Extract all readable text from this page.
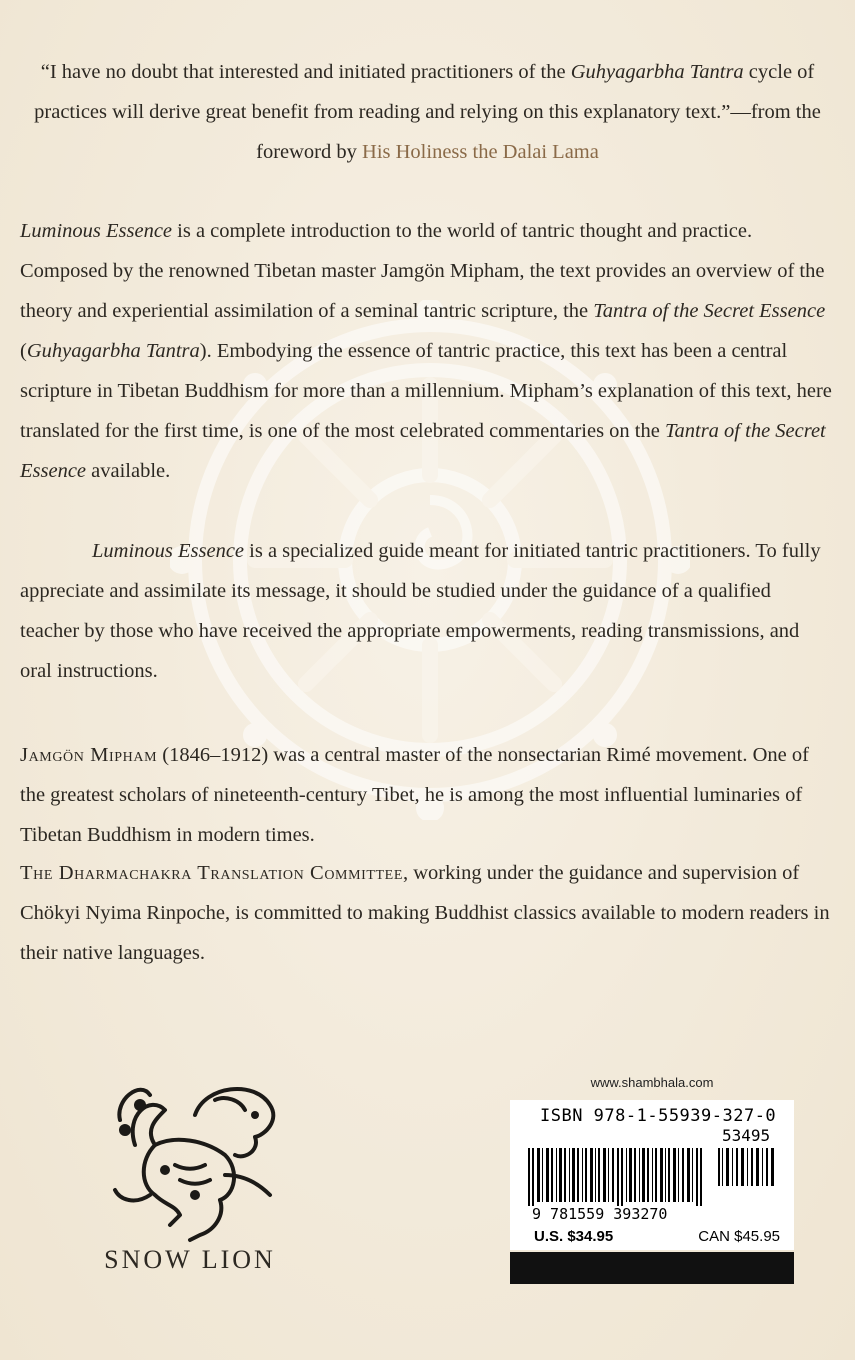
“I have no doubt that interested and initiated practitioners of the Guhyagarbha Tantra cycle of practices will derive great benefit from reading and relying on this explanatory text.”—from the foreword by His Holiness the Dalai Lama
Luminous Essence is a complete introduction to the world of tantric thought and practice. Composed by the renowned Tibetan master Jamgön Mipham, the text provides an overview of the theory and experiential assimilation of a seminal tantric scripture, the Tantra of the Secret Essence (Guhyagarbha Tantra). Embodying the essence of tantric practice, this text has been a central scripture in Tibetan Buddhism for more than a millennium. Mipham’s explanation of this text, here translated for the first time, is one of the most celebrated commentaries on the Tantra of the Secret Essence available.
Luminous Essence is a specialized guide meant for initiated tantric practitioners. To fully appreciate and assimilate its message, it should be studied under the guidance of a qualified teacher by those who have received the appropriate empowerments, reading transmissions, and oral instructions.
Jamgön Mipham (1846–1912) was a central master of the nonsectarian Rimé movement. One of the greatest scholars of nineteenth-century Tibet, he is among the most influential luminaries of Tibetan Buddhism in modern times.
The Dharmachakra Translation Committee, working under the guidance and supervision of Chökyi Nyima Rinpoche, is committed to making Buddhist classics available to modern readers in their native languages.
SNOW LION
www.shambhala.com
ISBN 978-1-55939-327-0
53495
9 781559 393270
U.S. $34.95	CAN $45.95
